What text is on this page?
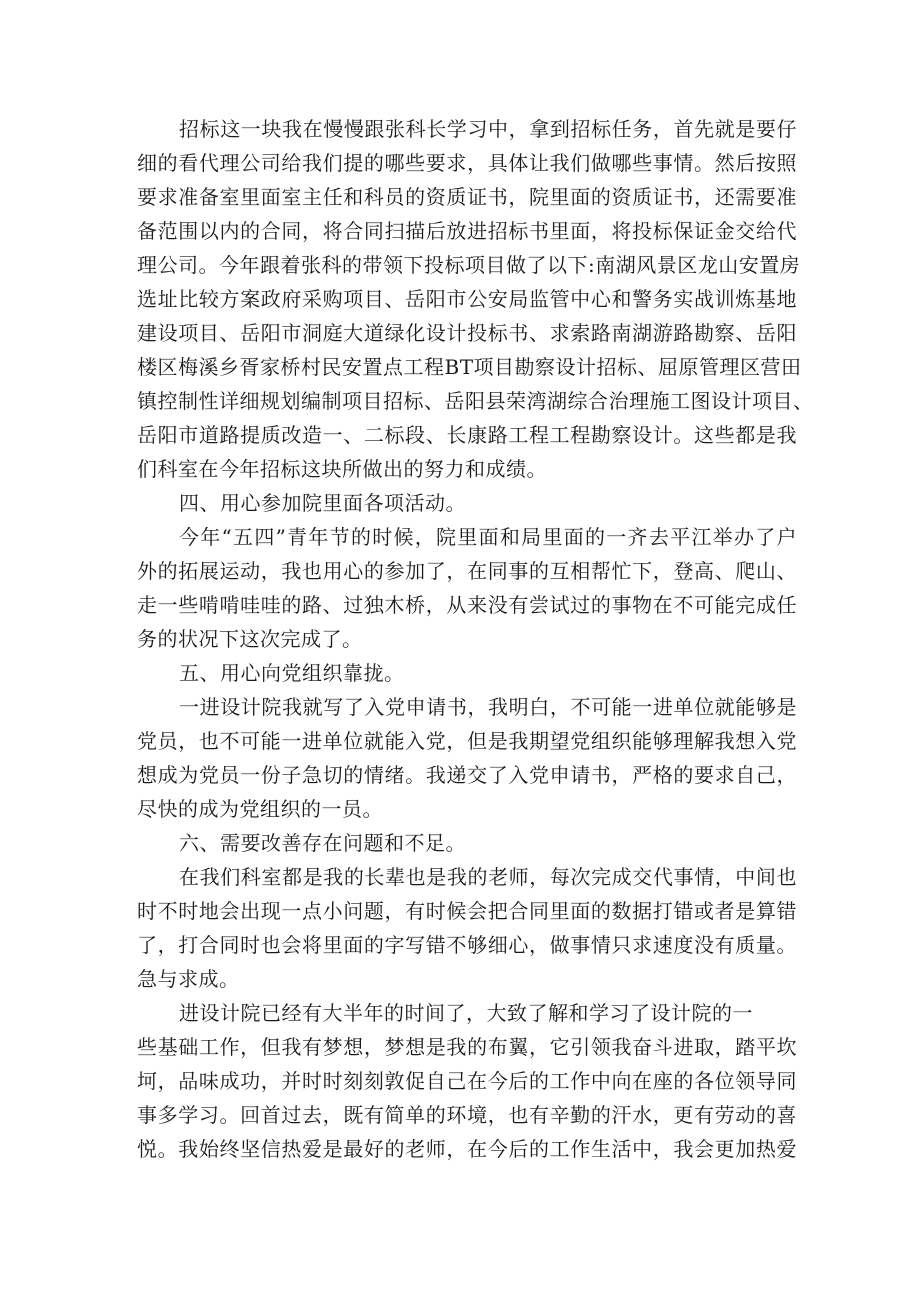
招标这一块我在慢慢跟张科长学习中，拿到招标任务，首先就是要仔
细的看代理公司给我们提的哪些要求，具体让我们做哪些事情。然后按照
要求准备室里面室主任和科员的资质证书，院里面的资质证书，还需要准
备范围以内的合同，将合同扫描后放进招标书里面，将投标保证金交给代
理公司。今年跟着张科的带领下投标项目做了以下:南湖风景区龙山安置房
选址比较方案政府采购项目、岳阳市公安局监管中心和警务实战训炼基地
建设项目、岳阳市洞庭大道绿化设计投标书、求索路南湖游路勘察、岳阳
楼区梅溪乡胥家桥村民安置点工程BT项目勘察设计招标、屈原管理区营田
镇控制性详细规划编制项目招标、岳阳县荣湾湖综合治理施工图设计项目、
岳阳市道路提质改造一、二标段、长康路工程工程勘察设计。这些都是我
们科室在今年招标这块所做出的努力和成绩。
四、用心参加院里面各项活动。
今年“五四”青年节的时候，院里面和局里面的一齐去平江举办了户
外的拓展运动，我也用心的参加了，在同事的互相帮忙下，登高、爬山、
走一些啃啃哇哇的路、过独木桥，从来没有尝试过的事物在不可能完成任
务的状况下这次完成了。
五、用心向党组织靠拢。
一进设计院我就写了入党申请书，我明白，不可能一进单位就能够是
党员，也不可能一进单位就能入党，但是我期望党组织能够理解我想入党
想成为党员一份子急切的情绪。我递交了入党申请书，严格的要求自己，
尽快的成为党组织的一员。
六、需要改善存在问题和不足。
在我们科室都是我的长辈也是我的老师，每次完成交代事情，中间也
时不时地会出现一点小问题，有时候会把合同里面的数据打错或者是算错
了，打合同时也会将里面的字写错不够细心，做事情只求速度没有质量。
急与求成。
进设计院已经有大半年的时间了，大致了解和学习了设计院的一
些基础工作，但我有梦想，梦想是我的布翼，它引领我奋斗进取，踏平坎
坷，品味成功，并时时刻刻敦促自己在今后的工作中向在座的各位领导同
事多学习。回首过去，既有简单的环境，也有辛勤的汗水，更有劳动的喜
悦。我始终坚信热爱是最好的老师，在今后的工作生活中，我会更加热爱
